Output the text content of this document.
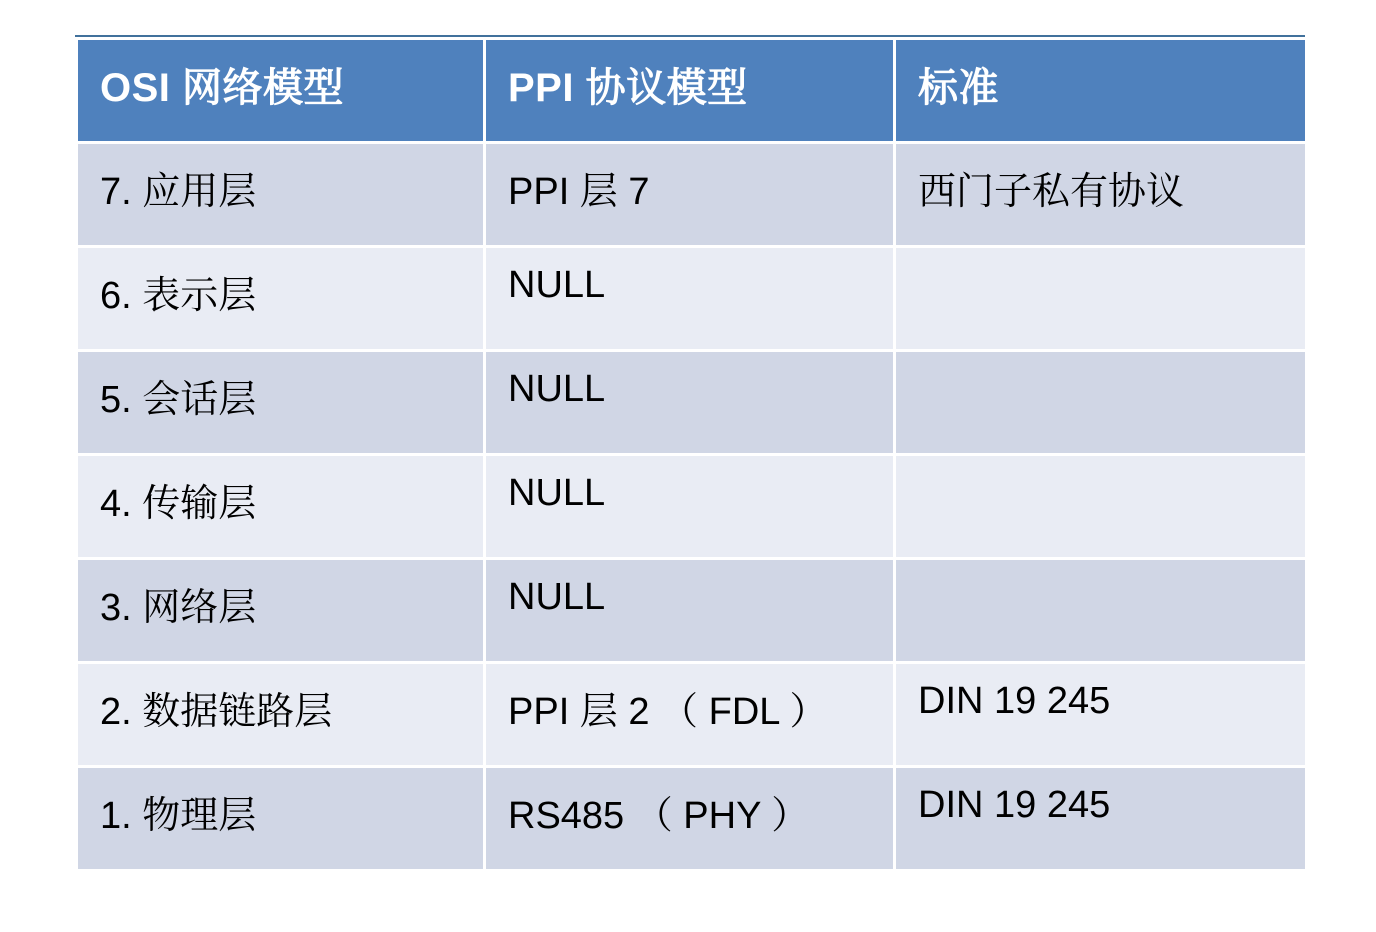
OSI 网络模型	PPI 协议模型	标准
7. 应用层	PPI 层 7	西门子私有协议
6. 表示层	NULL	
5. 会话层	NULL	
4. 传输层	NULL	
3. 网络层	NULL	
2. 数据链路层	PPI 层 2 （ FDL ）	DIN 19 245
1. 物理层	RS485 （ PHY ）	DIN 19 245
